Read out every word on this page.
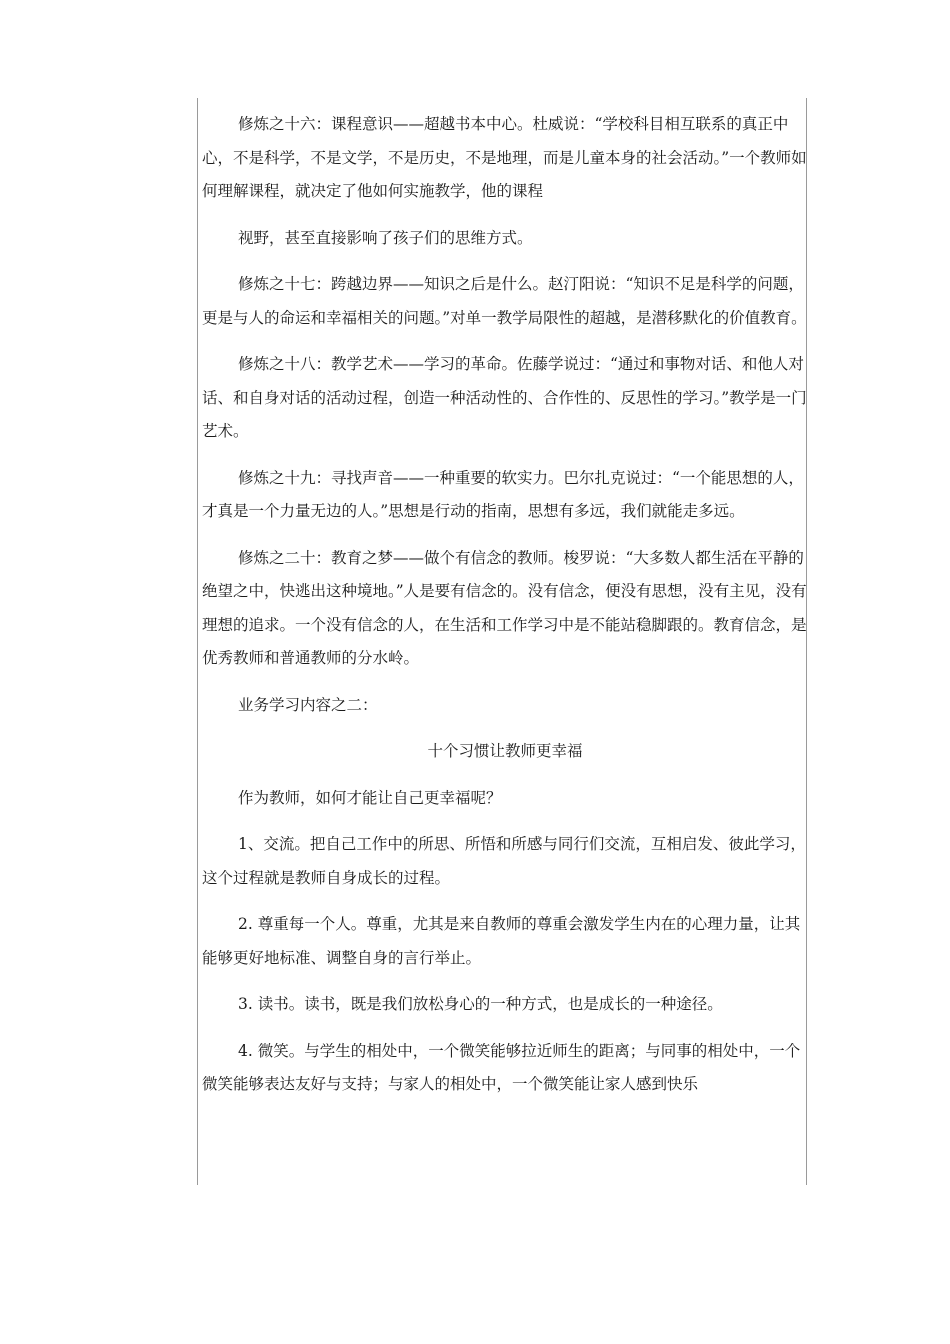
修炼之十六：课程意识——超越书本中心。杜威说：“学校科目相互联系的真正中心，不是科学，不是文学，不是历史，不是地理，而是儿童本身的社会活动。”一个教师如何理解课程，就决定了他如何实施教学，他的课程

视野，甚至直接影响了孩子们的思维方式。

修炼之十七：跨越边界——知识之后是什么。赵汀阳说：“知识不足是科学的问题，更是与人的命运和幸福相关的问题。”对单一教学局限性的超越，是潜移默化的价值教育。

修炼之十八：教学艺术——学习的革命。佐藤学说过：“通过和事物对话、和他人对话、和自身对话的活动过程，创造一种活动性的、合作性的、反思性的学习。”教学是一门艺术。

修炼之十九：寻找声音——一种重要的软实力。巴尔扎克说过：“一个能思想的人，才真是一个力量无边的人。”思想是行动的指南，思想有多远，我们就能走多远。

修炼之二十：教育之梦——做个有信念的教师。梭罗说：“大多数人都生活在平静的绝望之中，快逃出这种境地。”人是要有信念的。没有信念，便没有思想，没有主见，没有理想的追求。一个没有信念的人，在生活和工作学习中是不能站稳脚跟的。教育信念，是优秀教师和普通教师的分水岭。

业务学习内容之二：

十个习惯让教师更幸福

作为教师，如何才能让自己更幸福呢？

1、交流。把自己工作中的所思、所悟和所感与同行们交流，互相启发、彼此学习，这个过程就是教师自身成长的过程。

2. 尊重每一个人。尊重，尤其是来自教师的尊重会激发学生内在的心理力量，让其能够更好地标准、调整自身的言行举止。

3. 读书。读书，既是我们放松身心的一种方式，也是成长的一种途径。

4. 微笑。与学生的相处中，一个微笑能够拉近师生的距离；与同事的相处中，一个微笑能够表达友好与支持；与家人的相处中，一个微笑能让家人感到快乐
